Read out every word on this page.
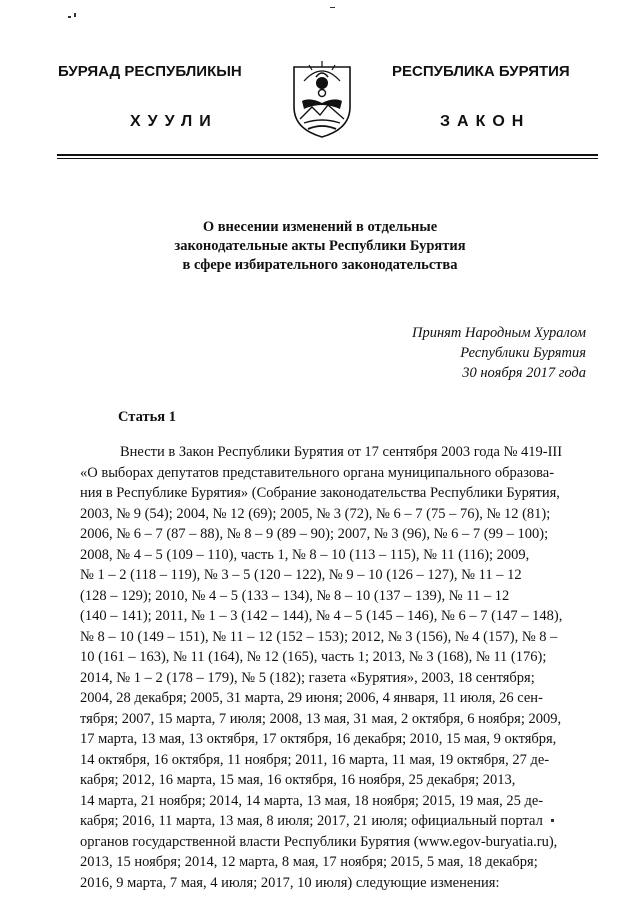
БУРЯАД РЕСПУБЛИКЫН	РЕСПУБЛИКА БУРЯТИЯ
ХУУЛИ	ЗАКОН
О внесении изменений в отдельные
законодательные акты Республики Бурятия
в сфере избирательного законодательства
Принят Народным Хуралом
Республики Бурятия
30 ноября 2017 года
Статья 1
Внести в Закон Республики Бурятия от 17 сентября 2003 года № 419-III
«О выборах депутатов представительного органа муниципального образова-
ния в Республике Бурятия» (Собрание законодательства Республики Бурятия,
2003, № 9 (54); 2004, № 12 (69); 2005, № 3 (72), № 6 – 7 (75 – 76), № 12 (81);
2006, № 6 – 7 (87 – 88), № 8 – 9 (89 – 90); 2007, № 3 (96), № 6 – 7 (99 – 100);
2008, № 4 – 5 (109 – 110), часть 1, № 8 – 10 (113 – 115), № 11 (116); 2009,
№ 1 – 2 (118 – 119), № 3 – 5 (120 – 122), № 9 – 10 (126 – 127), № 11 – 12
(128 – 129); 2010, № 4 – 5 (133 – 134), № 8 – 10 (137 – 139), № 11 – 12
(140 – 141); 2011, № 1 – 3 (142 – 144), № 4 – 5 (145 – 146), № 6 – 7 (147 – 148),
№ 8 – 10 (149 – 151), № 11 – 12 (152 – 153); 2012, № 3 (156), № 4 (157), № 8 –
10 (161 – 163), № 11 (164), № 12 (165), часть 1; 2013, № 3 (168), № 11 (176);
2014, № 1 – 2 (178 – 179), № 5 (182); газета «Бурятия», 2003, 18 сентября;
2004, 28 декабря; 2005, 31 марта, 29 июня; 2006, 4 января, 11 июля, 26 сен-
тября; 2007, 15 марта, 7 июля; 2008, 13 мая, 31 мая, 2 октября, 6 ноября; 2009,
17 марта, 13 мая, 13 октября, 17 октября, 16 декабря; 2010, 15 мая, 9 октября,
14 октября, 16 октября, 11 ноября; 2011, 16 марта, 11 мая, 19 октября, 27 де-
кабря; 2012, 16 марта, 15 мая, 16 октября, 16 ноября, 25 декабря; 2013,
14 марта, 21 ноября; 2014, 14 марта, 13 мая, 18 ноября; 2015, 19 мая, 25 де-
кабря; 2016, 11 марта, 13 мая, 8 июля; 2017, 21 июля; официальный портал
органов государственной власти Республики Бурятия (www.egov-buryatia.ru),
2013, 15 ноября; 2014, 12 марта, 8 мая, 17 ноября; 2015, 5 мая, 18 декабря;
2016, 9 марта, 7 мая, 4 июля; 2017, 10 июля) следующие изменения:
